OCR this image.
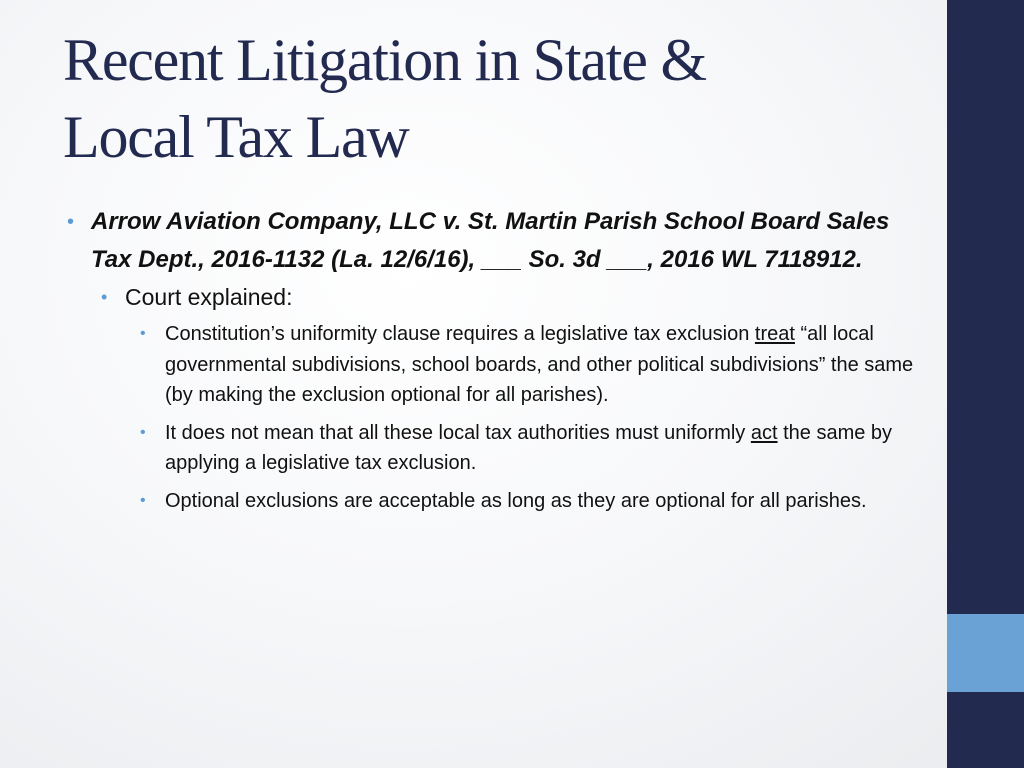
Recent Litigation in State &
Local Tax Law

• Arrow Aviation Company, LLC v. St. Martin Parish School Board Sales Tax Dept., 2016-1132 (La. 12/6/16), ___ So. 3d ___, 2016 WL 7118912.

• Court explained:

• Constitution’s uniformity clause requires a legislative tax exclusion treat “all local governmental subdivisions, school boards, and other political subdivisions” the same (by making the exclusion optional for all parishes).

• It does not mean that all these local tax authorities must uniformly act the same by applying a legislative tax exclusion.

• Optional exclusions are acceptable as long as they are optional for all parishes.
